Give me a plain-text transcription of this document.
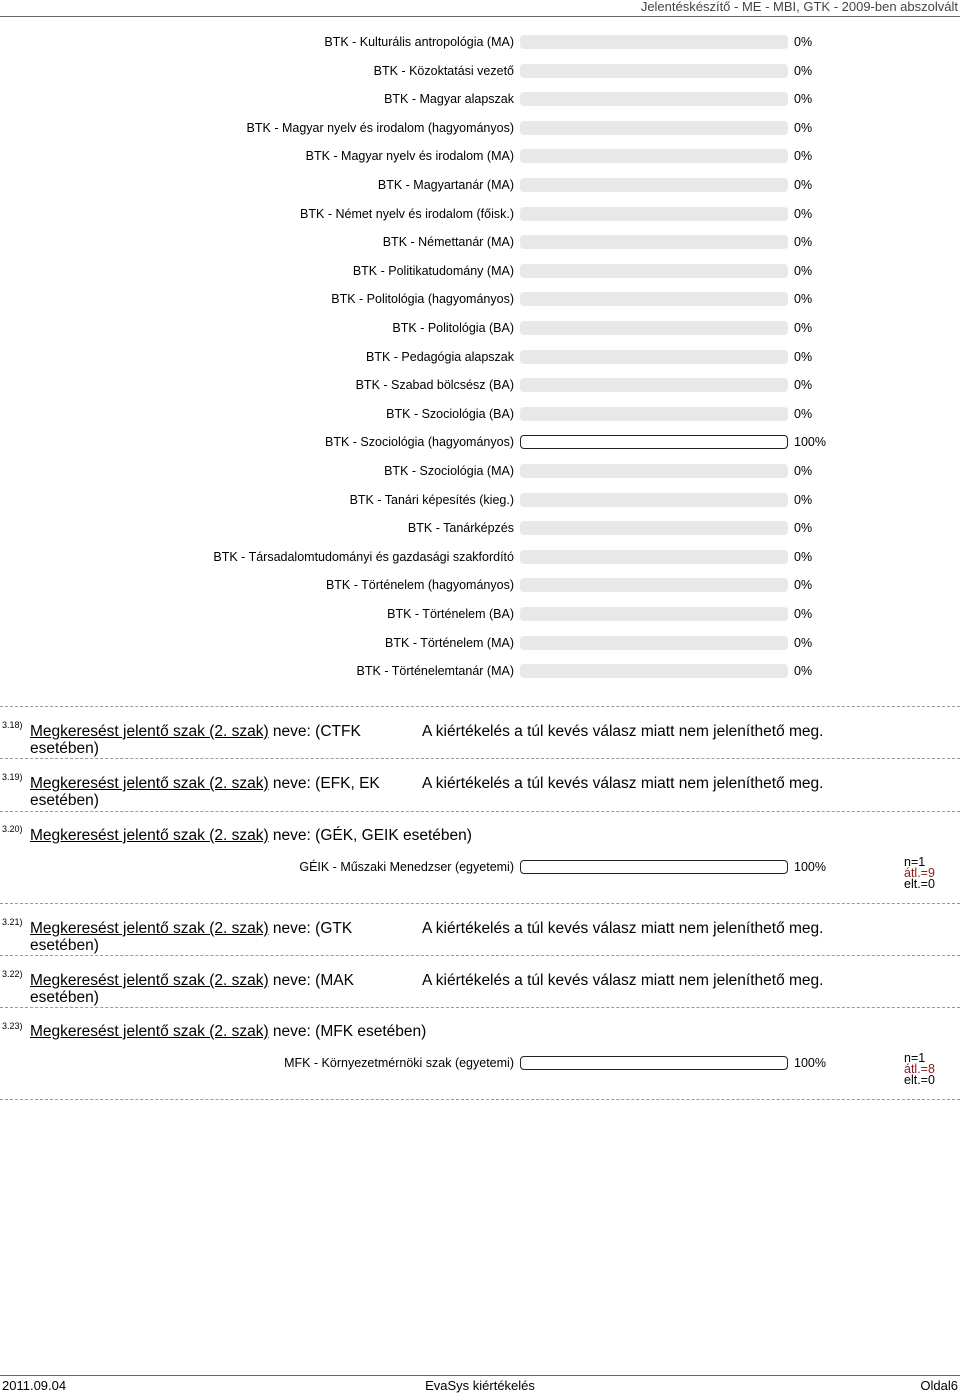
Jelentéskészítő - ME - MBI, GTK - 2009-ben abszolvált
BTK - Kulturális antropológia (MA)	0%
BTK - Közoktatási vezető	0%
BTK - Magyar alapszak	0%
BTK - Magyar nyelv és irodalom (hagyományos)	0%
BTK - Magyar nyelv és irodalom (MA)	0%
BTK - Magyartanár (MA)	0%
BTK - Német nyelv és irodalom (főisk.)	0%
BTK - Némettanár (MA)	0%
BTK - Politikatudomány (MA)	0%
BTK - Politológia (hagyományos)	0%
BTK - Politológia (BA)	0%
BTK - Pedagógia alapszak	0%
BTK - Szabad bölcsész (BA)	0%
BTK - Szociológia (BA)	0%
BTK - Szociológia (hagyományos)	100%
BTK - Szociológia (MA)	0%
BTK - Tanári képesítés (kieg.)	0%
BTK - Tanárképzés	0%
BTK - Társadalomtudományi és gazdasági szakfordító	0%
BTK - Történelem (hagyományos)	0%
BTK - Történelem (BA)	0%
BTK - Történelem (MA)	0%
BTK - Történelemtanár (MA)	0%
3.18) Megkeresést jelentő szak (2. szak) neve: (CTFK esetében)
A kiértékelés a túl kevés válasz miatt nem jeleníthető meg.
3.19) Megkeresést jelentő szak (2. szak) neve: (EFK, EK esetében)
A kiértékelés a túl kevés válasz miatt nem jeleníthető meg.
3.20) Megkeresést jelentő szak (2. szak) neve: (GÉK, GEIK esetében)
GÉIK - Műszaki Menedzser (egyetemi)	100%	n=1
átl.=9
elt.=0
3.21) Megkeresést jelentő szak (2. szak) neve: (GTK esetében)
A kiértékelés a túl kevés válasz miatt nem jeleníthető meg.
3.22) Megkeresést jelentő szak (2. szak) neve: (MAK esetében)
A kiértékelés a túl kevés válasz miatt nem jeleníthető meg.
3.23) Megkeresést jelentő szak (2. szak) neve: (MFK esetében)
MFK - Környezetmérnöki szak (egyetemi)	100%	n=1
átl.=8
elt.=0
2011.09.04	EvaSys kiértékelés	Oldal6
